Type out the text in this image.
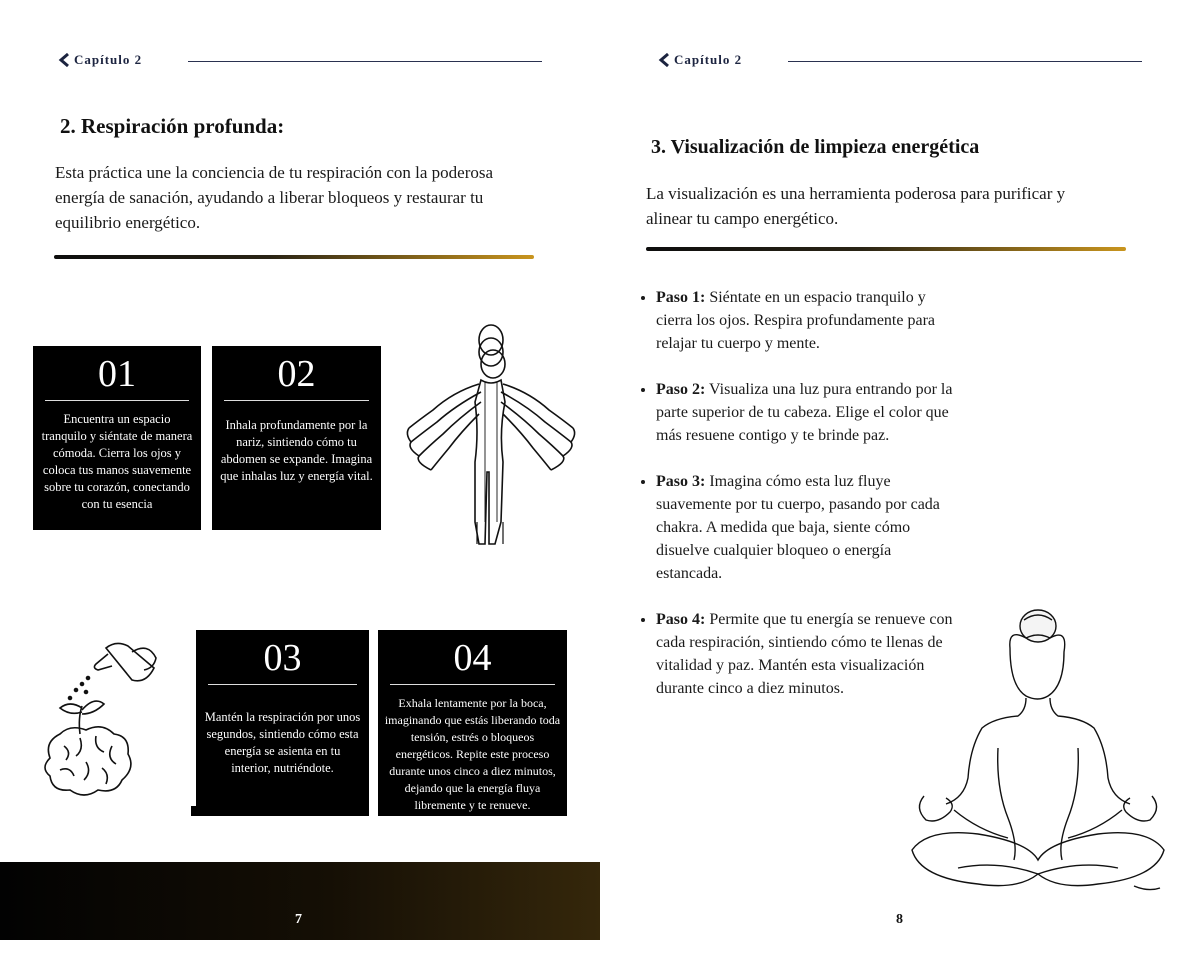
Capítulo 2
2. Respiración profunda:
Esta práctica une la conciencia de tu respiración con la poderosa energía de sanación, ayudando a liberar bloqueos y restaurar tu equilibrio energético.
01
Encuentra un espacio tranquilo y siéntate de manera cómoda. Cierra los ojos y coloca tus manos suavemente sobre tu corazón, conectando con tu esencia
02
Inhala profundamente por la nariz, sintiendo cómo tu abdomen se expande. Imagina que inhalas luz y energía vital.
03
Mantén la respiración por unos segundos, sintiendo cómo esta energía se asienta en tu interior, nutriéndote.
04
Exhala lentamente por la boca, imaginando que estás liberando toda tensión, estrés o bloqueos energéticos. Repite este proceso durante unos cinco a diez minutos, dejando que la energía fluya libremente y te renueve.
7
Capítulo 2
3. Visualización de limpieza energética
La visualización es una herramienta poderosa para purificar y alinear tu campo energético.
• Paso 1: Siéntate en un espacio tranquilo y cierra los ojos. Respira profundamente para relajar tu cuerpo y mente.
• Paso 2: Visualiza una luz pura entrando por la parte superior de tu cabeza. Elige el color que más resuene contigo y te brinde paz.
• Paso 3: Imagina cómo esta luz fluye suavemente por tu cuerpo, pasando por cada chakra. A medida que baja, siente cómo disuelve cualquier bloqueo o energía estancada.
• Paso 4: Permite que tu energía se renueve con cada respiración, sintiendo cómo te llenas de vitalidad y paz. Mantén esta visualización durante cinco a diez minutos.
8
